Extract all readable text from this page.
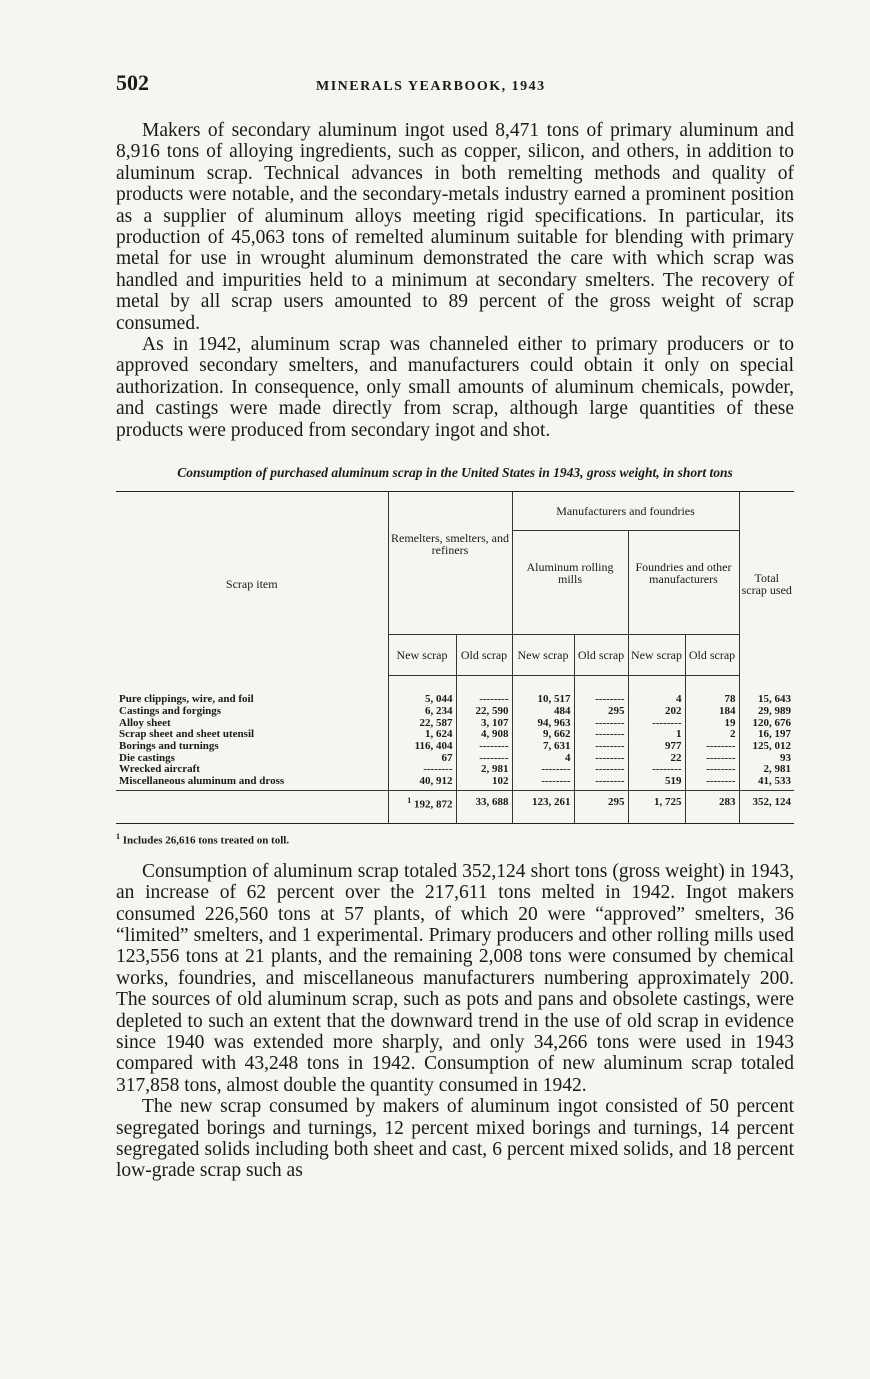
502	MINERALS YEARBOOK, 1943

Makers of secondary aluminum ingot used 8,471 tons of primary aluminum and 8,916 tons of alloying ingredients, such as copper, silicon, and others, in addition to aluminum scrap. Technical advances in both remelting methods and quality of products were notable, and the secondary-metals industry earned a prominent position as a supplier of aluminum alloys meeting rigid specifications. In particular, its production of 45,063 tons of remelted aluminum suitable for blending with primary metal for use in wrought aluminum demonstrated the care with which scrap was handled and impurities held to a minimum at secondary smelters. The recovery of metal by all scrap users amounted to 89 percent of the gross weight of scrap consumed.

As in 1942, aluminum scrap was channeled either to primary producers or to approved secondary smelters, and manufacturers could obtain it only on special authorization. In consequence, only small amounts of aluminum chemicals, powder, and castings were made directly from scrap, although large quantities of these products were produced from secondary ingot and shot.

Consumption of purchased aluminum scrap in the United States in 1943, gross weight, in short tons
Scrap item	Remelters, smelters, and refiners		Manufacturers and foundries				Total scrap used
			Aluminum rolling mills		Foundries and other manufacturers		
	New scrap	Old scrap	New scrap	Old scrap	New scrap	Old scrap	
Pure clippings, wire, and foil	5, 044	--------	10, 517	--------	4	78	15, 643
Castings and forgings	6, 234	22, 590	484	295	202	184	29, 989
Alloy sheet	22, 587	3, 107	94, 963	--------	--------	19	120, 676
Scrap sheet and sheet utensil	1, 624	4, 908	9, 662	--------	1	2	16, 197
Borings and turnings	116, 404	--------	7, 631	--------	977	--------	125, 012
Die castings	67	--------	4	--------	22	--------	93
Wrecked aircraft	--------	2, 981	--------	--------	--------	--------	2, 981
Miscellaneous aluminum and dross	40, 912	102	--------	--------	519	--------	41, 533
	$^1$ 192, 872	33, 688	123, 261	295	1, 725	283	352, 124
$^1$ Includes 26,616 tons treated on toll.

Consumption of aluminum scrap totaled 352,124 short tons (gross weight) in 1943, an increase of 62 percent over the 217,611 tons melted in 1942. Ingot makers consumed 226,560 tons at 57 plants, of which 20 were “approved” smelters, 36 “limited” smelters, and 1 experimental. Primary producers and other rolling mills used 123,556 tons at 21 plants, and the remaining 2,008 tons were consumed by chemical works, foundries, and miscellaneous manufacturers numbering approximately 200. The sources of old aluminum scrap, such as pots and pans and obsolete castings, were depleted to such an extent that the downward trend in the use of old scrap in evidence since 1940 was extended more sharply, and only 34,266 tons were used in 1943 compared with 43,248 tons in 1942. Consumption of new aluminum scrap totaled 317,858 tons, almost double the quantity consumed in 1942.

The new scrap consumed by makers of aluminum ingot consisted of 50 percent segregated borings and turnings, 12 percent mixed borings and turnings, 14 percent segregated solids including both sheet and cast, 6 percent mixed solids, and 18 percent low-grade scrap such as
